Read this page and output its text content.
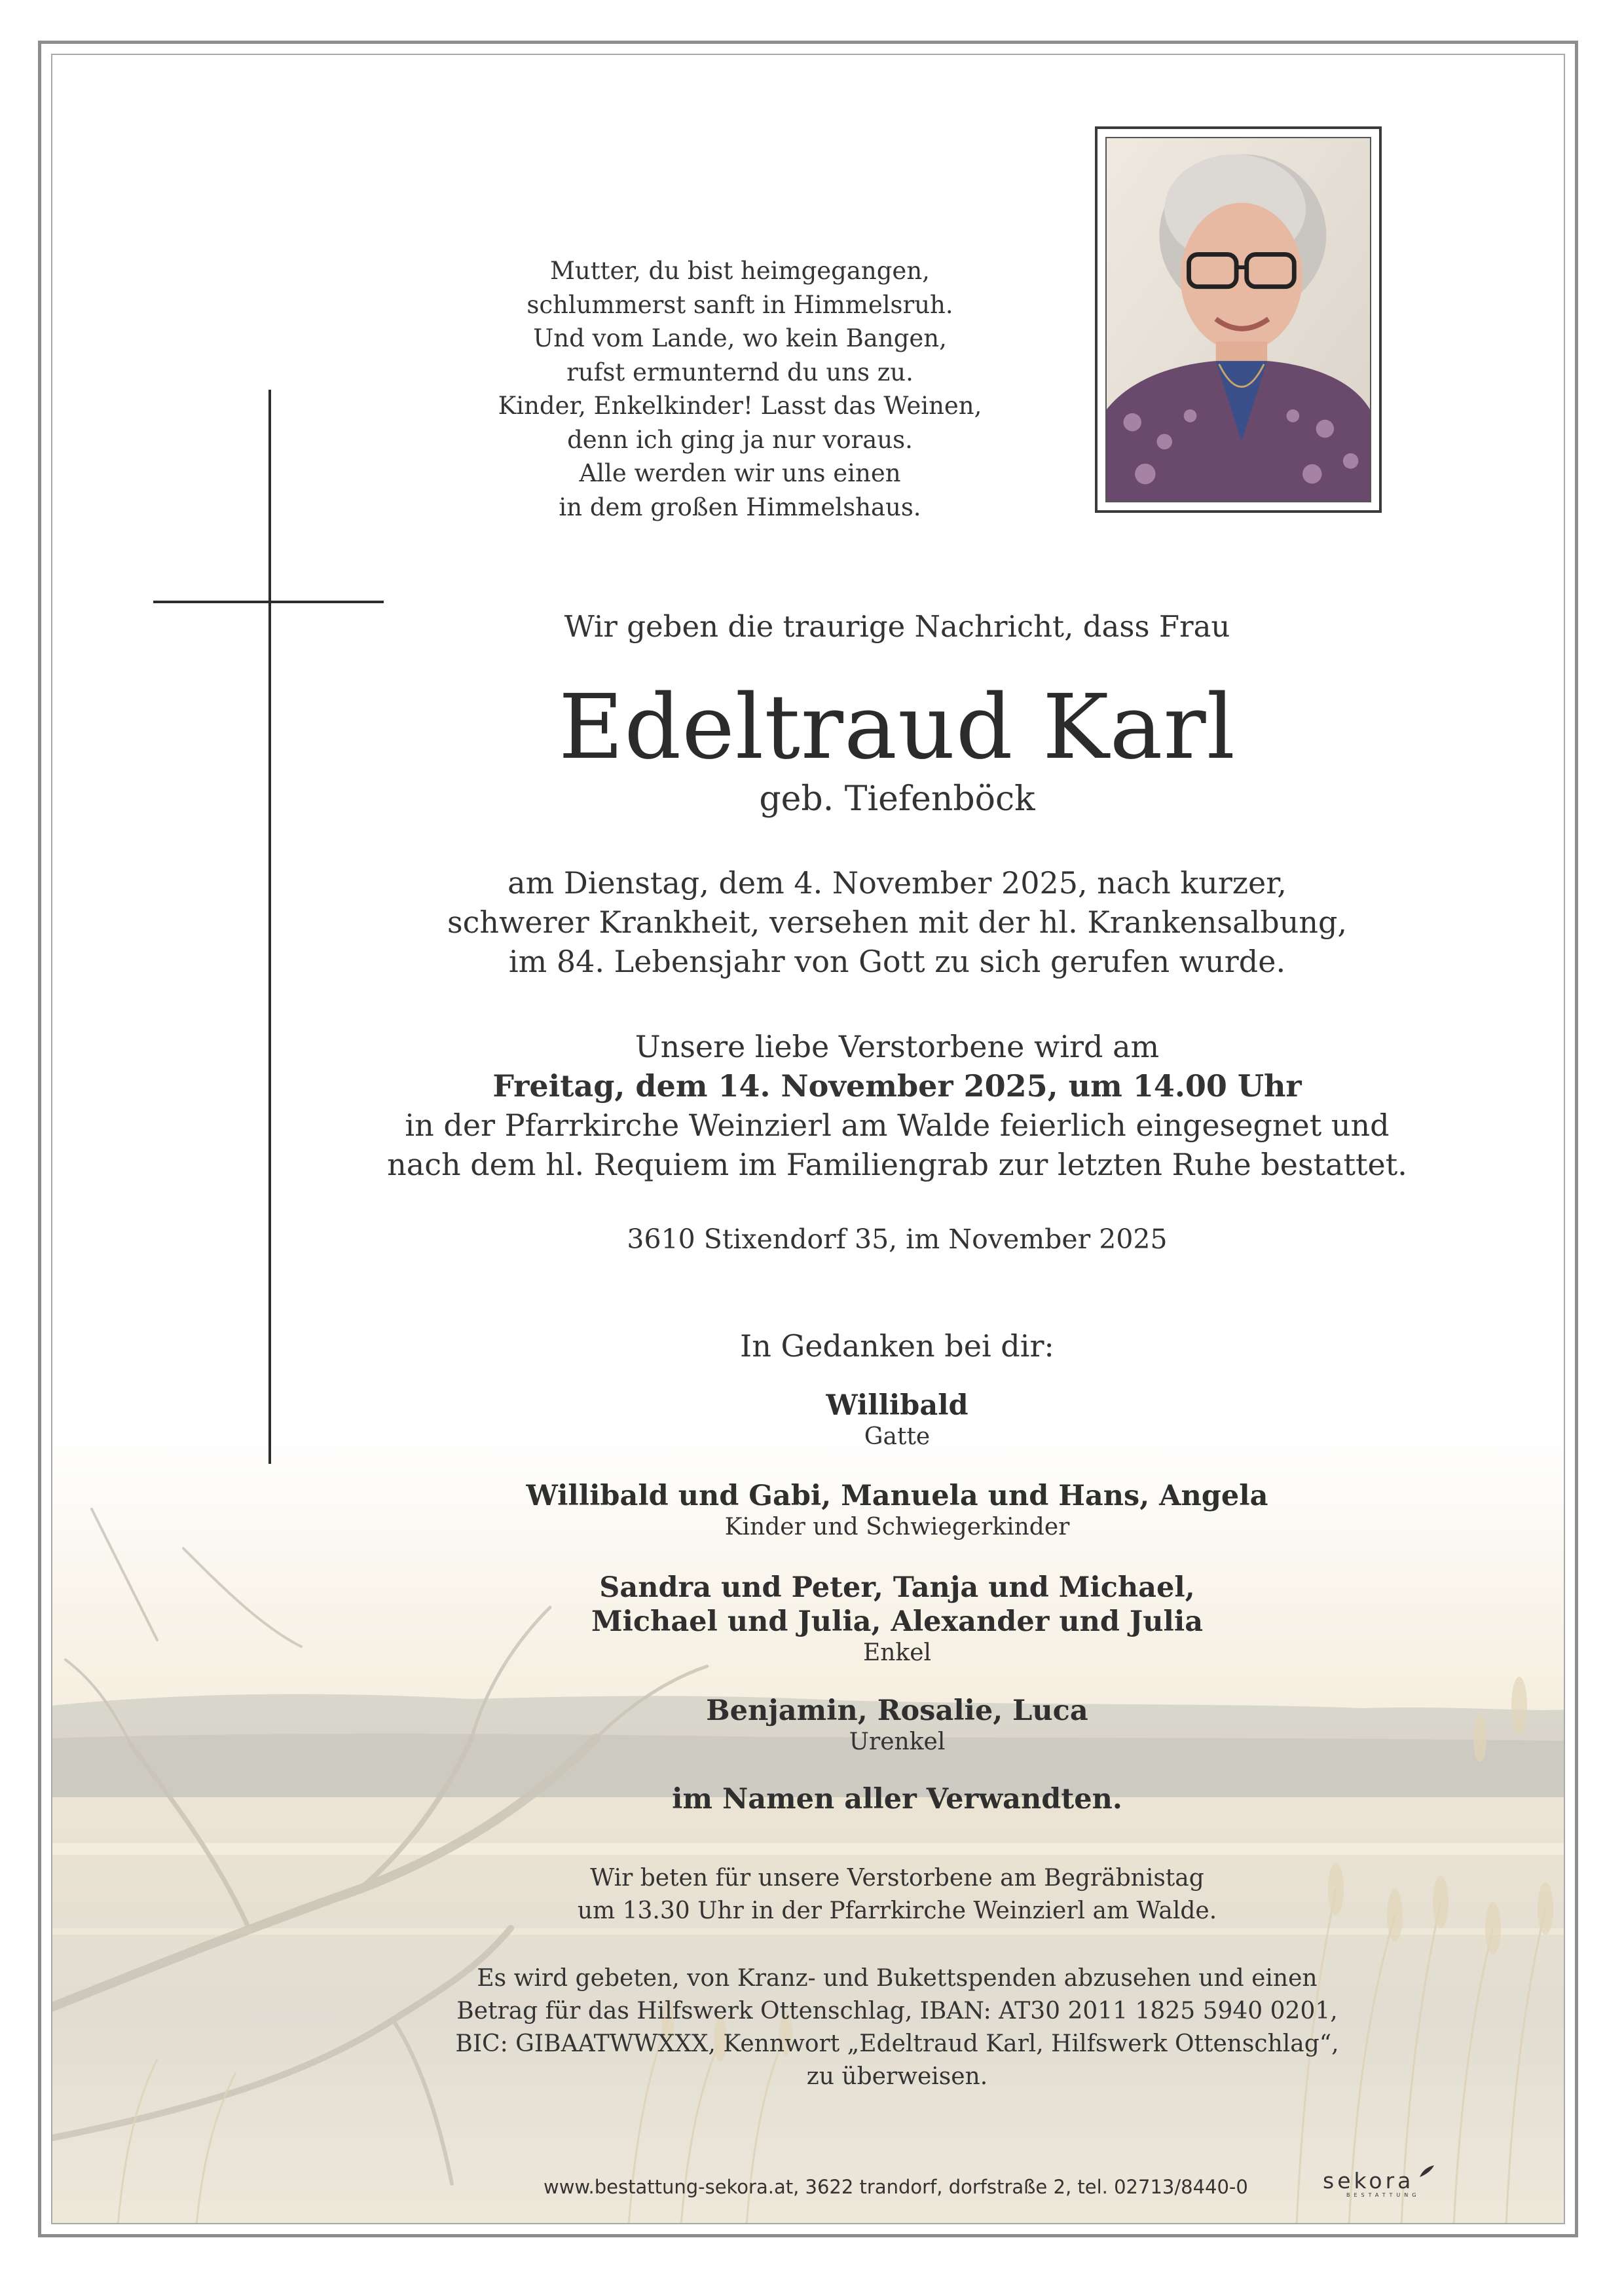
Mutter, du bist heimgegangen,
schlummerst sanft in Himmelsruh.
Und vom Lande, wo kein Bangen,
rufst ermunternd du uns zu.
Kinder, Enkelkinder! Lasst das Weinen,
denn ich ging ja nur voraus.
Alle werden wir uns einen
in dem großen Himmelshaus.
Wir geben die traurige Nachricht, dass Frau
Edeltraud Karl
geb. Tiefenböck
am Dienstag, dem 4. November 2025, nach kurzer,
schwerer Krankheit, versehen mit der hl. Krankensalbung,
im 84. Lebensjahr von Gott zu sich gerufen wurde.
Unsere liebe Verstorbene wird am
Freitag, dem 14. November 2025, um 14.00 Uhr
in der Pfarrkirche Weinzierl am Walde feierlich eingesegnet und
nach dem hl. Requiem im Familiengrab zur letzten Ruhe bestattet.
3610 Stixendorf 35, im November 2025
In Gedanken bei dir:
Willibald
Gatte
Willibald und Gabi, Manuela und Hans, Angela
Kinder und Schwiegerkinder
Sandra und Peter, Tanja und Michael,
Michael und Julia, Alexander und Julia
Enkel
Benjamin, Rosalie, Luca
Urenkel
im Namen aller Verwandten.
Wir beten für unsere Verstorbene am Begräbnistag
um 13.30 Uhr in der Pfarrkirche Weinzierl am Walde.
Es wird gebeten, von Kranz- und Bukettspenden abzusehen und einen
Betrag für das Hilfswerk Ottenschlag, IBAN: AT30 2011 1825 5940 0201,
BIC: GIBAATWWXXX, Kennwort „Edeltraud Karl, Hilfswerk Ottenschlag“,
zu überweisen.
www.bestattung-sekora.at, 3622 trandorf, dorfstraße 2, tel. 02713/8440-0	sekora
BESTATTUNG
